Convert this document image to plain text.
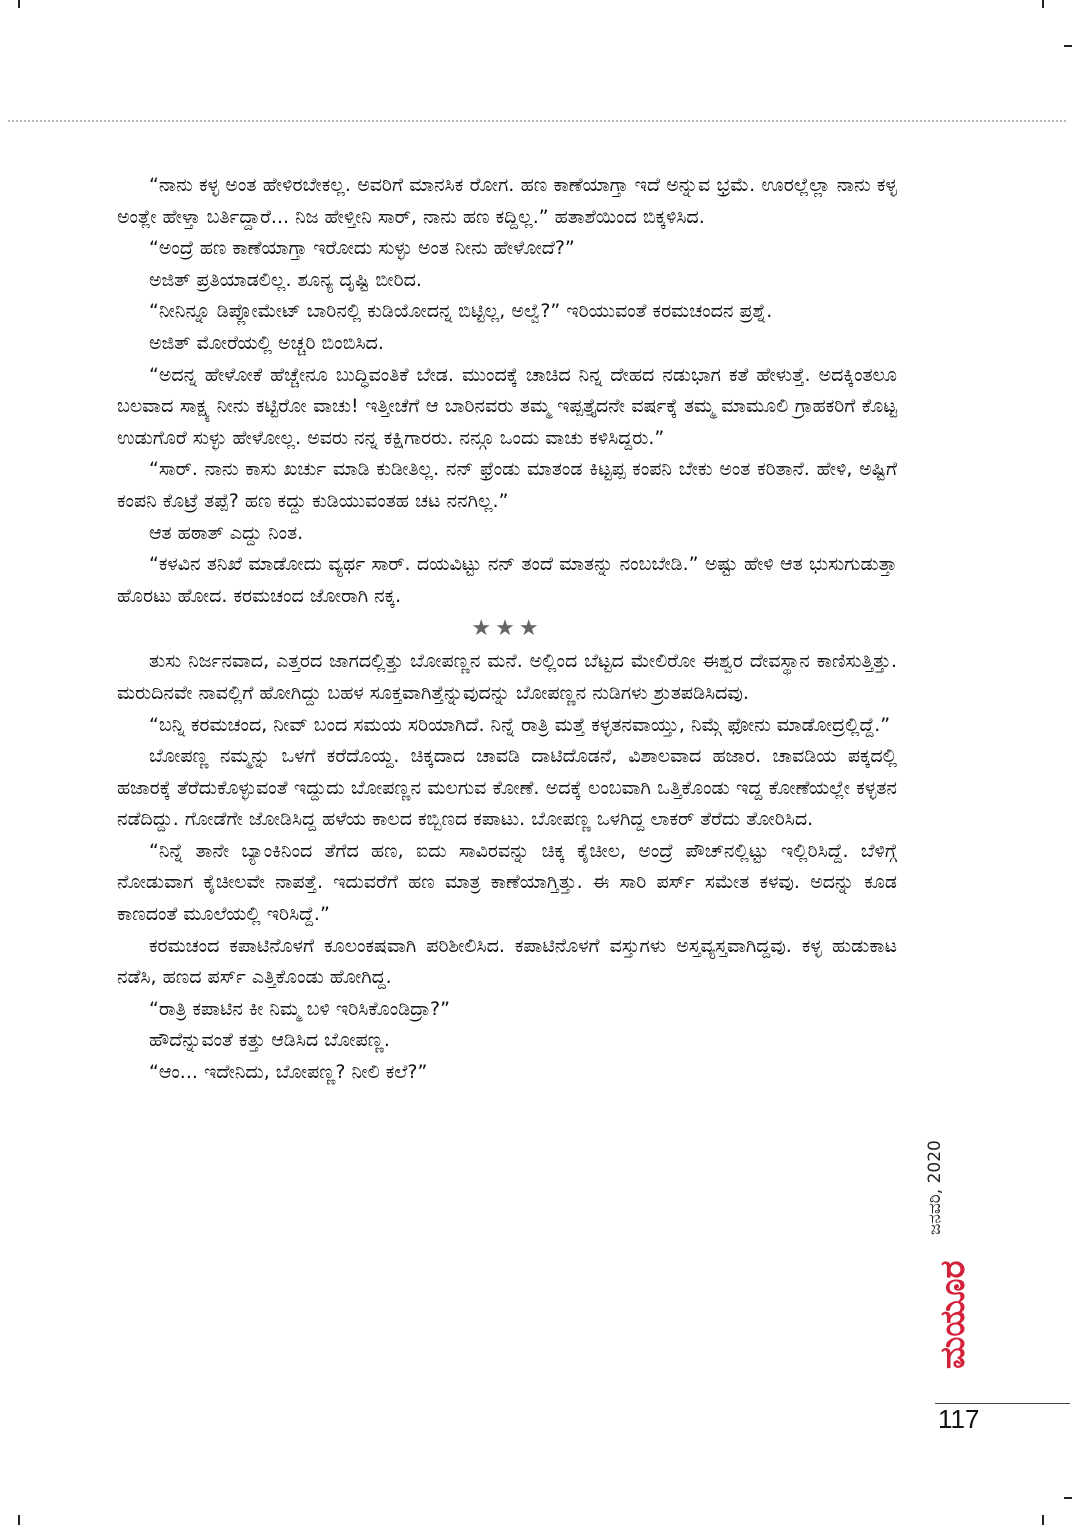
“ನಾನು ಕಳ್ಳ ಅಂತ ಹೇಳಿರಬೇಕಲ್ಲ. ಅವರಿಗೆ ಮಾನಸಿಕ ರೋಗ. ಹಣ ಕಾಣೆಯಾಗ್ತಾ ಇದೆ ಅನ್ನುವ ಭ್ರಮೆ. ಊರಲ್ಲೆಲ್ಲಾ ನಾನು ಕಳ್ಳ ಅಂತ್ಲೇ ಹೇಳ್ತಾ ಬರ್ತಿದ್ದಾರೆ... ನಿಜ ಹೇಳ್ತೀನಿ ಸಾರ್, ನಾನು ಹಣ ಕದ್ದಿಲ್ಲ.” ಹತಾಶೆಯಿಂದ ಬಿಕ್ಕಳಿಸಿದ.

“ಅಂದ್ರೆ ಹಣ ಕಾಣೆಯಾಗ್ತಾ ಇರೋದು ಸುಳ್ಳು ಅಂತ ನೀನು ಹೇಳೋದೆ?”

ಅಜಿತ್ ಪ್ರತಿಯಾಡಲಿಲ್ಲ. ಶೂನ್ಯ ದೃಷ್ಟಿ ಬೀರಿದ.

“ನೀನಿನ್ನೂ ಡಿಪ್ಲೋಮೇಟ್ ಬಾರಿನಲ್ಲಿ ಕುಡಿಯೋದನ್ನ ಬಿಟ್ಟಿಲ್ಲ, ಅಲ್ವೆ?” ಇರಿಯುವಂತೆ ಕರಮಚಂದನ ಪ್ರಶ್ನೆ.

ಅಜಿತ್ ಮೋರೆಯಲ್ಲಿ ಅಚ್ಚರಿ ಬಿಂಬಿಸಿದ.

“ಅದನ್ನ ಹೇಳೋಕೆ ಹೆಚ್ಚೇನೂ ಬುದ್ಧಿವಂತಿಕೆ ಬೇಡ. ಮುಂದಕ್ಕೆ ಚಾಚಿದ ನಿನ್ನ ದೇಹದ ನಡುಭಾಗ ಕತೆ ಹೇಳುತ್ತೆ. ಅದಕ್ಕಿಂತಲೂ ಬಲವಾದ ಸಾಕ್ಷ್ಯ ನೀನು ಕಟ್ಟಿರೋ ವಾಚು! ಇತ್ತೀಚೆಗೆ ಆ ಬಾರಿನವರು ತಮ್ಮ ಇಪ್ಪತ್ತೈದನೇ ವರ್ಷಕ್ಕೆ ತಮ್ಮ ಮಾಮೂಲಿ ಗ್ರಾಹಕರಿಗೆ ಕೊಟ್ಟ ಉಡುಗೊರೆ ಸುಳ್ಳು ಹೇಳೋಲ್ಲ. ಅವರು ನನ್ನ ಕಕ್ಷಿಗಾರರು. ನನ್ಗೂ ಒಂದು ವಾಚು ಕಳಿಸಿದ್ದರು.”

“ಸಾರ್. ನಾನು ಕಾಸು ಖರ್ಚು ಮಾಡಿ ಕುಡೀತಿಲ್ಲ. ನನ್ ಫ್ರೆಂಡು ಮಾತಂಡ ಕಿಟ್ಟಪ್ಪ ಕಂಪನಿ ಬೇಕು ಅಂತ ಕರಿತಾನೆ. ಹೇಳಿ, ಅಷ್ಟಿಗೆ ಕಂಪನಿ ಕೊಟ್ರೆ ತಪ್ಪೆ? ಹಣ ಕದ್ದು ಕುಡಿಯುವಂತಹ ಚಟ ನನಗಿಲ್ಲ.”

ಆತ ಹಠಾತ್ ಎದ್ದು ನಿಂತ.

“ಕಳವಿನ ತನಿಖೆ ಮಾಡೋದು ವ್ಯರ್ಥ ಸಾರ್. ದಯವಿಟ್ಟು ನನ್ ತಂದೆ ಮಾತನ್ನು ನಂಬಬೇಡಿ.” ಅಷ್ಟು ಹೇಳಿ ಆತ ಭುಸುಗುಡುತ್ತಾ ಹೊರಟು ಹೋದ. ಕರಮಚಂದ ಜೋರಾಗಿ ನಕ್ಕ.

★★★

ತುಸು ನಿರ್ಜನವಾದ, ಎತ್ತರದ ಜಾಗದಲ್ಲಿತ್ತು ಬೋಪಣ್ಣನ ಮನೆ. ಅಲ್ಲಿಂದ ಬೆಟ್ಟದ ಮೇಲಿರೋ ಈಶ್ವರ ದೇವಸ್ಥಾನ ಕಾಣಿಸುತ್ತಿತ್ತು. ಮರುದಿನವೇ ನಾವಲ್ಲಿಗೆ ಹೋಗಿದ್ದು ಬಹಳ ಸೂಕ್ತವಾಗಿತ್ತೆನ್ನುವುದನ್ನು ಬೋಪಣ್ಣನ ನುಡಿಗಳು ಶ್ರುತಪಡಿಸಿದವು.

“ಬನ್ನಿ ಕರಮಚಂದ, ನೀವ್ ಬಂದ ಸಮಯ ಸರಿಯಾಗಿದೆ. ನಿನ್ನೆ ರಾತ್ರಿ ಮತ್ತೆ ಕಳ್ಳತನವಾಯ್ತು, ನಿಮ್ಗೆ ಫೋನು ಮಾಡೋದ್ರಲ್ಲಿದ್ದೆ.”

ಬೋಪಣ್ಣ ನಮ್ಮನ್ನು ಒಳಗೆ ಕರೆದೊಯ್ದ. ಚಿಕ್ಕದಾದ ಚಾವಡಿ ದಾಟಿದೊಡನೆ, ವಿಶಾಲವಾದ ಹಜಾರ. ಚಾವಡಿಯ ಪಕ್ಕದಲ್ಲಿ ಹಜಾರಕ್ಕೆ ತೆರೆದುಕೊಳ್ಳುವಂತೆ ಇದ್ದುದು ಬೋಪಣ್ಣನ ಮಲಗುವ ಕೋಣೆ. ಅದಕ್ಕೆ ಲಂಬವಾಗಿ ಒತ್ತಿಕೊಂಡು ಇದ್ದ ಕೋಣೆಯಲ್ಲೇ ಕಳ್ಳತನ ನಡೆದಿದ್ದು. ಗೋಡೆಗೇ ಜೋಡಿಸಿದ್ದ ಹಳೆಯ ಕಾಲದ ಕಬ್ಬಿಣದ ಕಪಾಟು. ಬೋಪಣ್ಣ ಒಳಗಿದ್ದ ಲಾಕರ್ ತೆರೆದು ತೋರಿಸಿದ.

“ನಿನ್ನೆ ತಾನೇ ಬ್ಯಾಂಕಿನಿಂದ ತೆಗೆದ ಹಣ, ಐದು ಸಾವಿರವನ್ನು ಚಿಕ್ಕ ಕೈಚೀಲ, ಅಂದ್ರೆ ಪೌಚ್‌ನಲ್ಲಿಟ್ಟು ಇಲ್ಲಿರಿಸಿದ್ದೆ. ಬೆಳಿಗ್ಗೆ ನೋಡುವಾಗ ಕೈಚೀಲವೇ ನಾಪತ್ತೆ. ಇದುವರೆಗೆ ಹಣ ಮಾತ್ರ ಕಾಣೆಯಾಗ್ತಿತ್ತು. ಈ ಸಾರಿ ಪರ್ಸ್ ಸಮೇತ ಕಳವು. ಅದನ್ನು ಕೂಡ ಕಾಣದಂತೆ ಮೂಲೆಯಲ್ಲಿ ಇರಿಸಿದ್ದೆ.”

ಕರಮಚಂದ ಕಪಾಟಿನೊಳಗೆ ಕೂಲಂಕಷವಾಗಿ ಪರಿಶೀಲಿಸಿದ. ಕಪಾಟಿನೊಳಗೆ ವಸ್ತುಗಳು ಅಸ್ತವ್ಯಸ್ತವಾಗಿದ್ದವು. ಕಳ್ಳ ಹುಡುಕಾಟ ನಡೆಸಿ, ಹಣದ ಪರ್ಸ್ ಎತ್ತಿಕೊಂಡು ಹೋಗಿದ್ದ.

“ರಾತ್ರಿ ಕಪಾಟಿನ ಕೀ ನಿಮ್ಮ ಬಳಿ ಇರಿಸಿಕೊಂಡಿದ್ರಾ?”

ಹೌದೆನ್ನುವಂತೆ ಕತ್ತು ಆಡಿಸಿದ ಬೋಪಣ್ಣ.

“ಆಂ... ಇದೇನಿದು, ಬೋಪಣ್ಣ? ನೀಲಿ ಕಲೆ?”

ಜನವರಿ, 2020
ಮಯೂರ
117
